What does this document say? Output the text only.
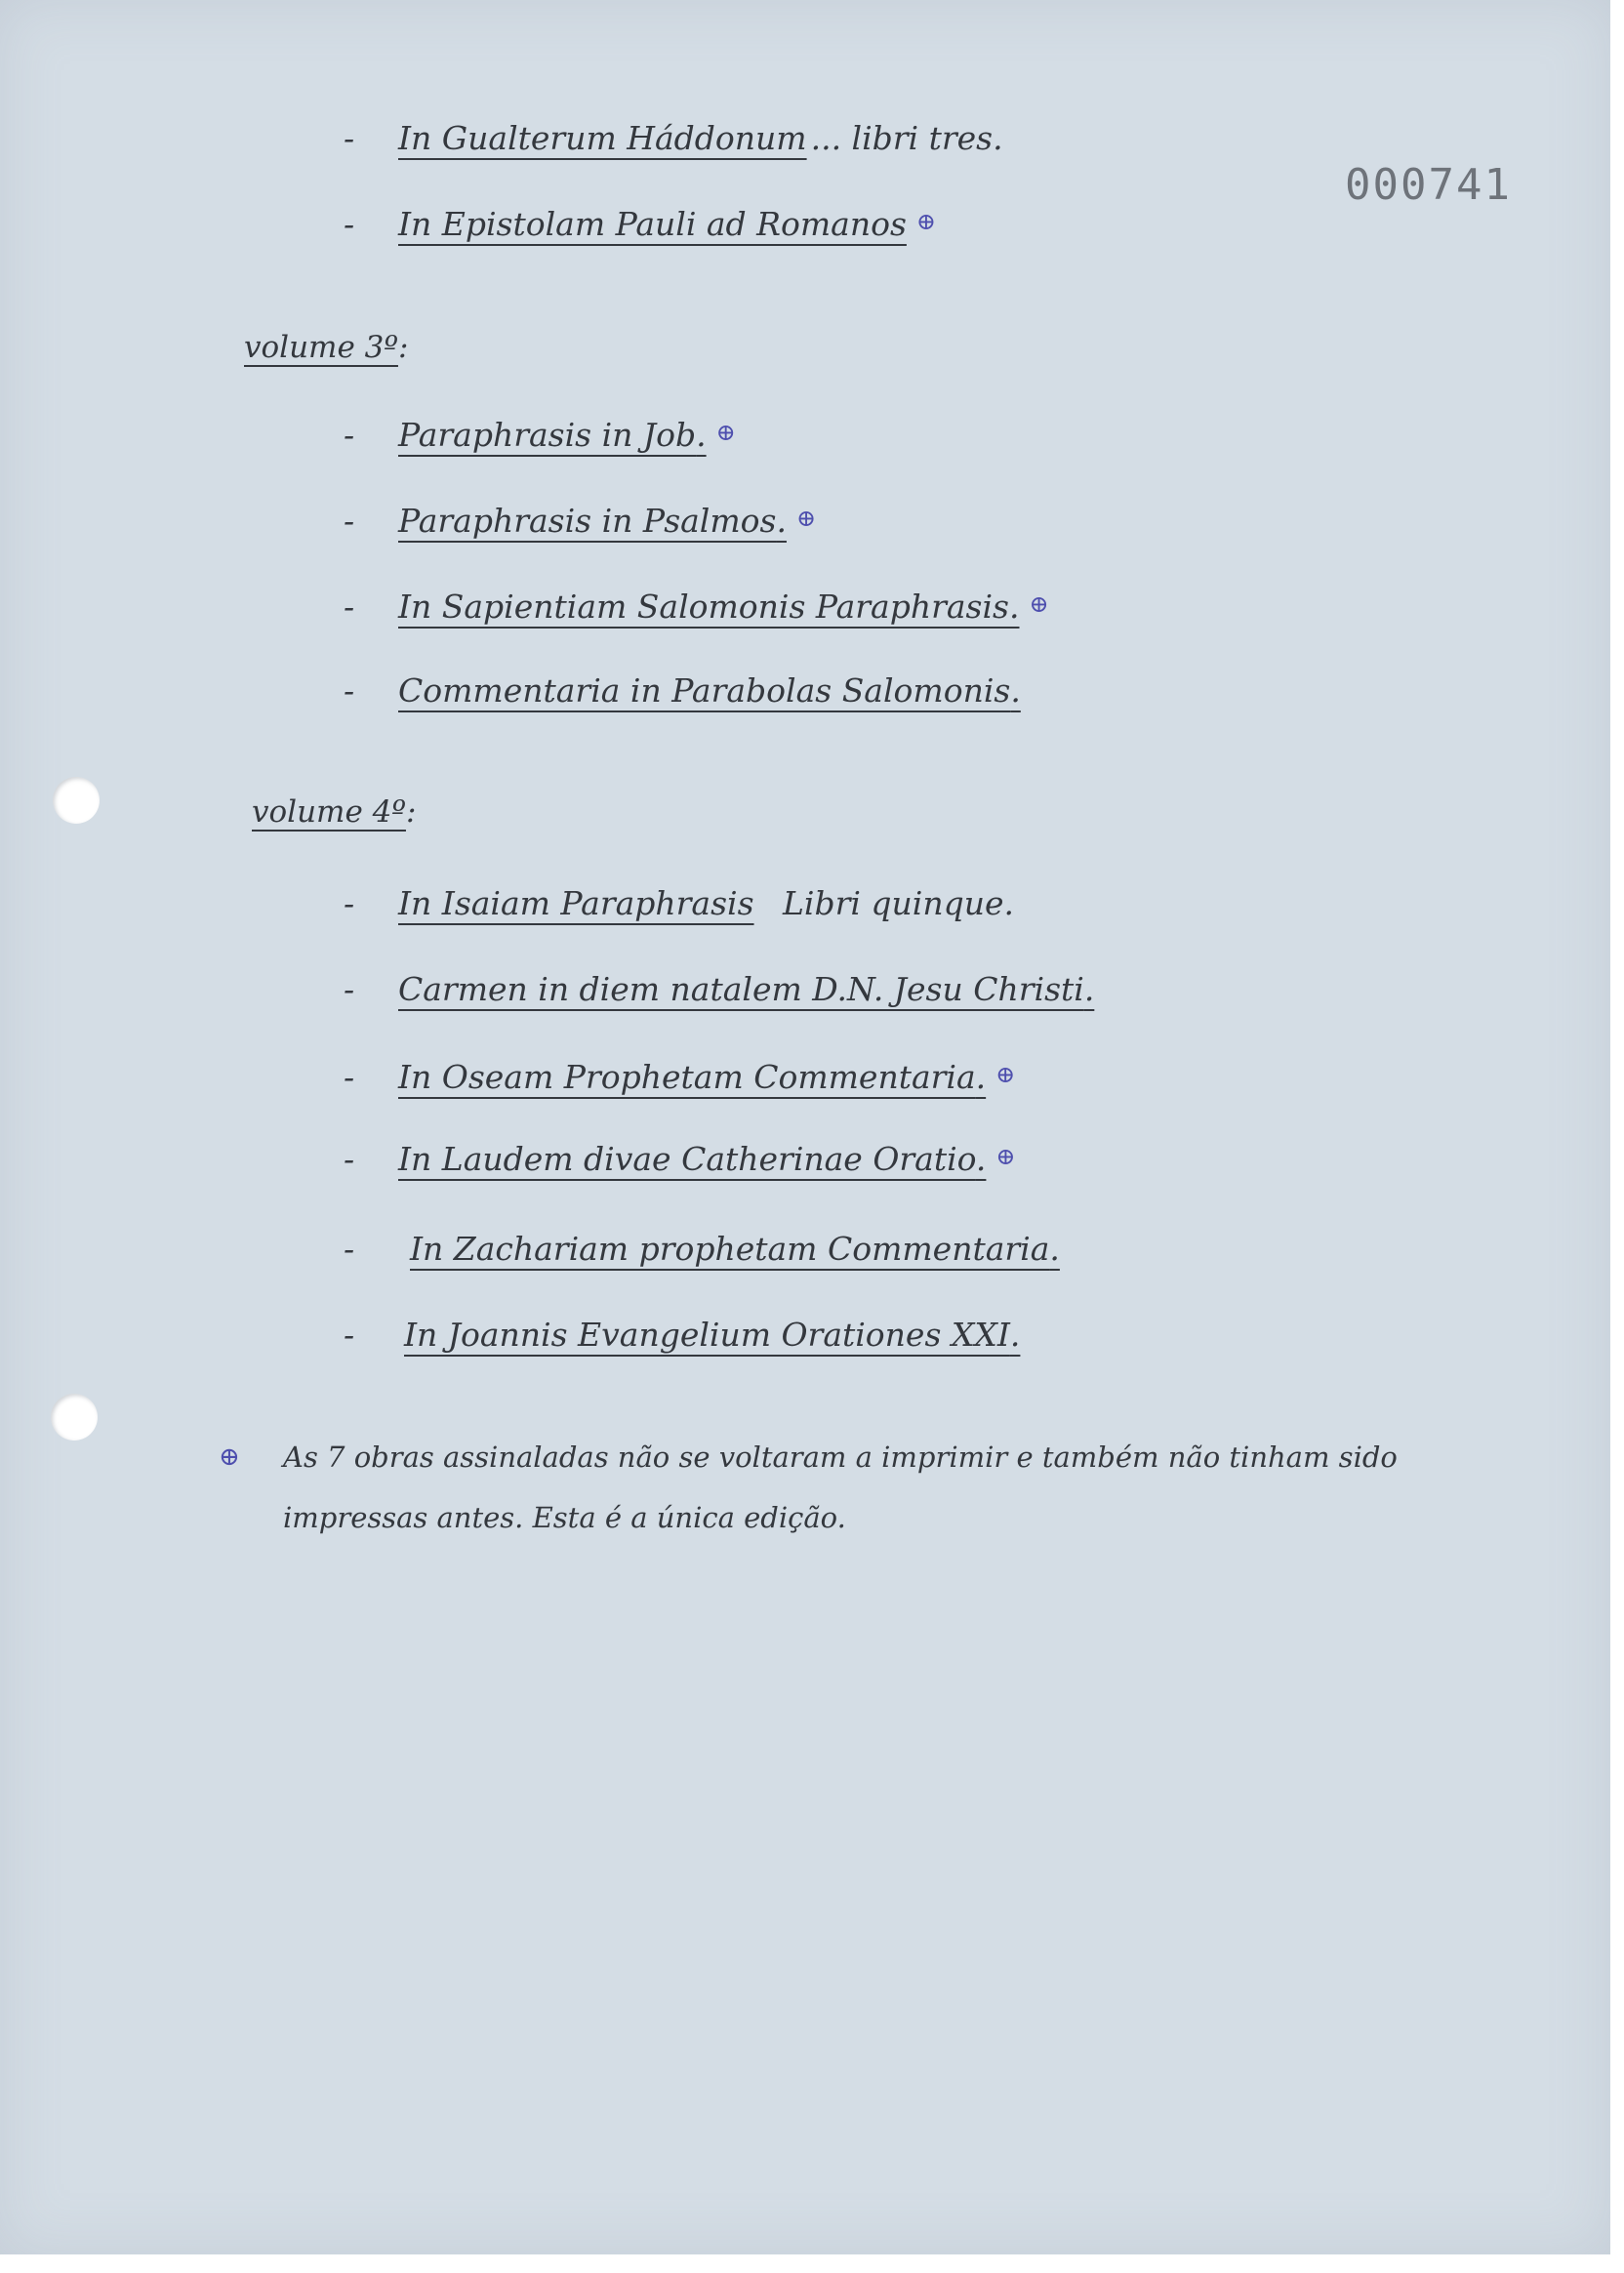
000741
- In Gualterum Háddonum ... libri tres.
- In Epistolam Pauli ad Romanos ⊕
volume 3º:
- Paraphrasis in Job. ⊕
- Paraphrasis in Psalmos. ⊕
- In Sapientiam Salomonis Paraphrasis. ⊕
- Commentaria in Parabolas Salomonis.
volume 4º:
- In Isaiam Paraphrasis Libri quinque.
- Carmen in diem natalem D.N. Jesu Christi.
- In Oseam Prophetam Commentaria. ⊕
- In Laudem divae Catherinae Oratio. ⊕
- In Zachariam prophetam Commentaria.
- In Joannis Evangelium Orationes XXI.
⊕	As 7 obras assinaladas não se voltaram a imprimir e também não tinham sido impressas antes. Esta é a única edição.
